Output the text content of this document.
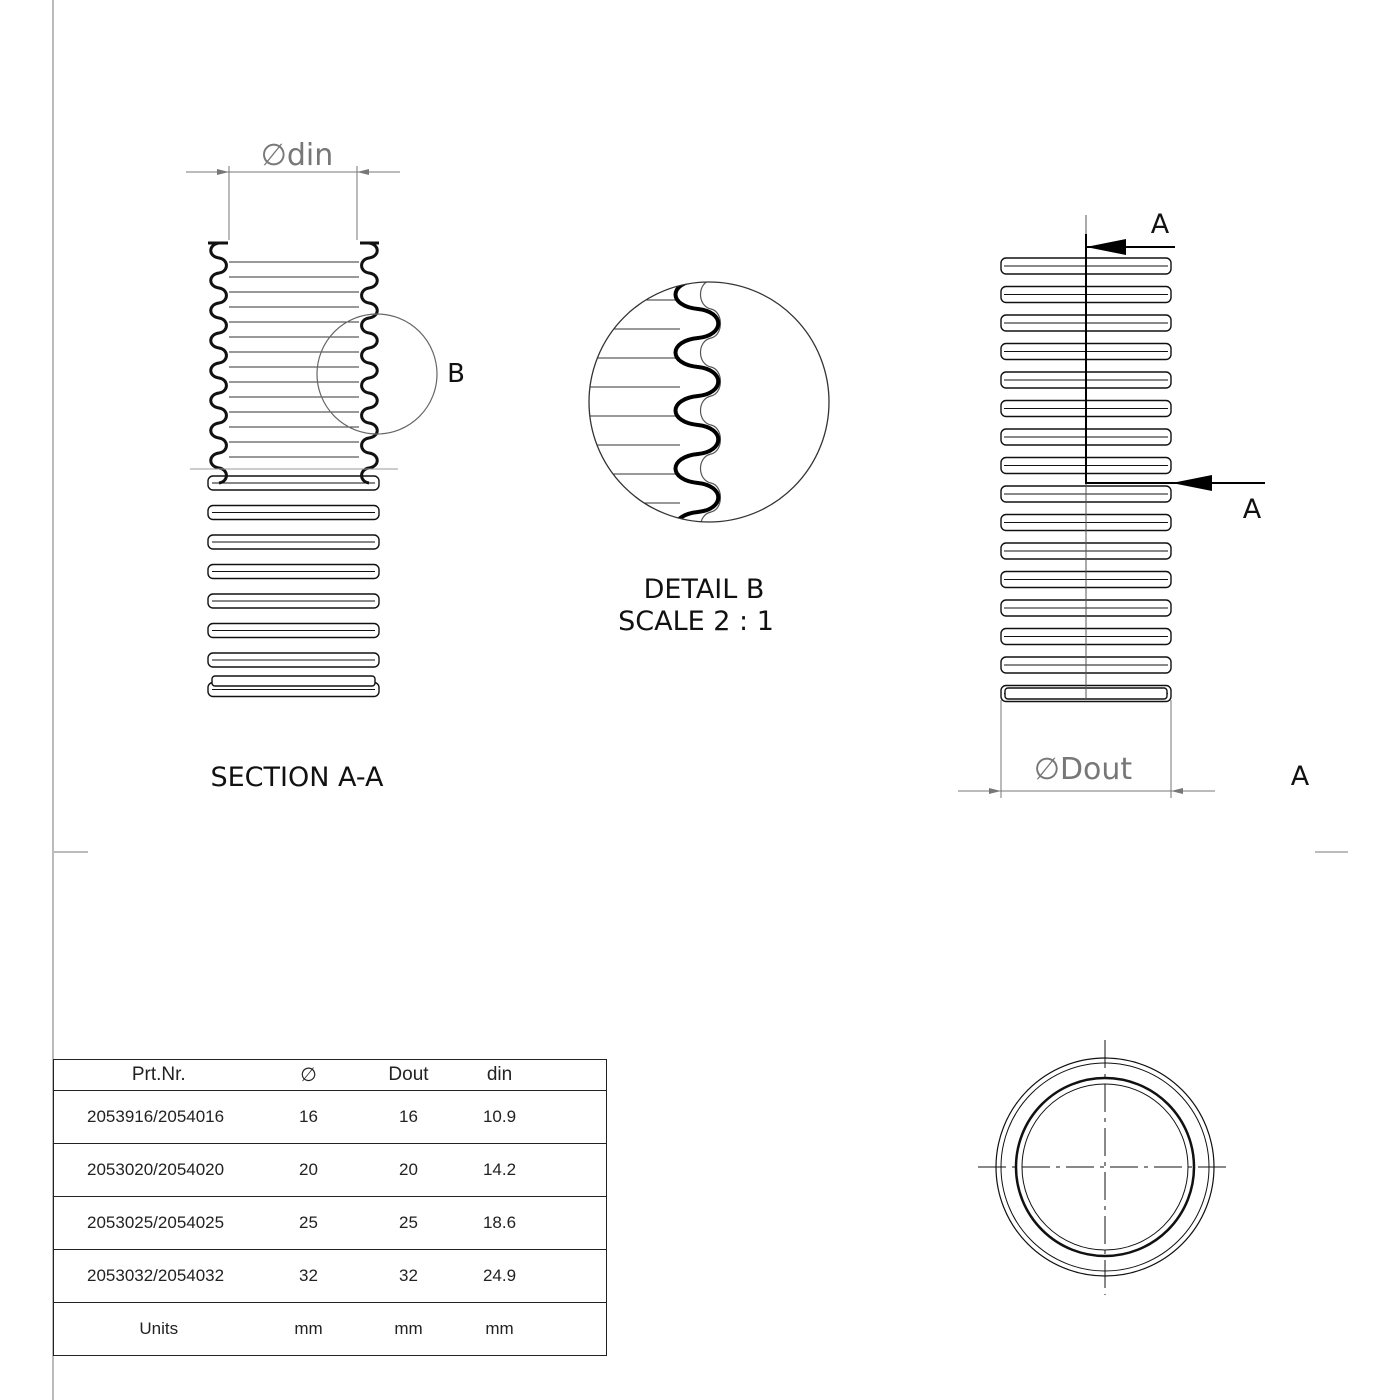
∅din
B
SECTION A-A
DETAIL B
SCALE 2 : 1
A
A
∅Dout	A
Prt.Nr.	∅	Dout	din	
2053916/2054016	16	16	10.9	
2053020/2054020	20	20	14.2	
2053025/2054025	25	25	18.6	
2053032/2054032	32	32	24.9	
Units	mm	mm	mm	
